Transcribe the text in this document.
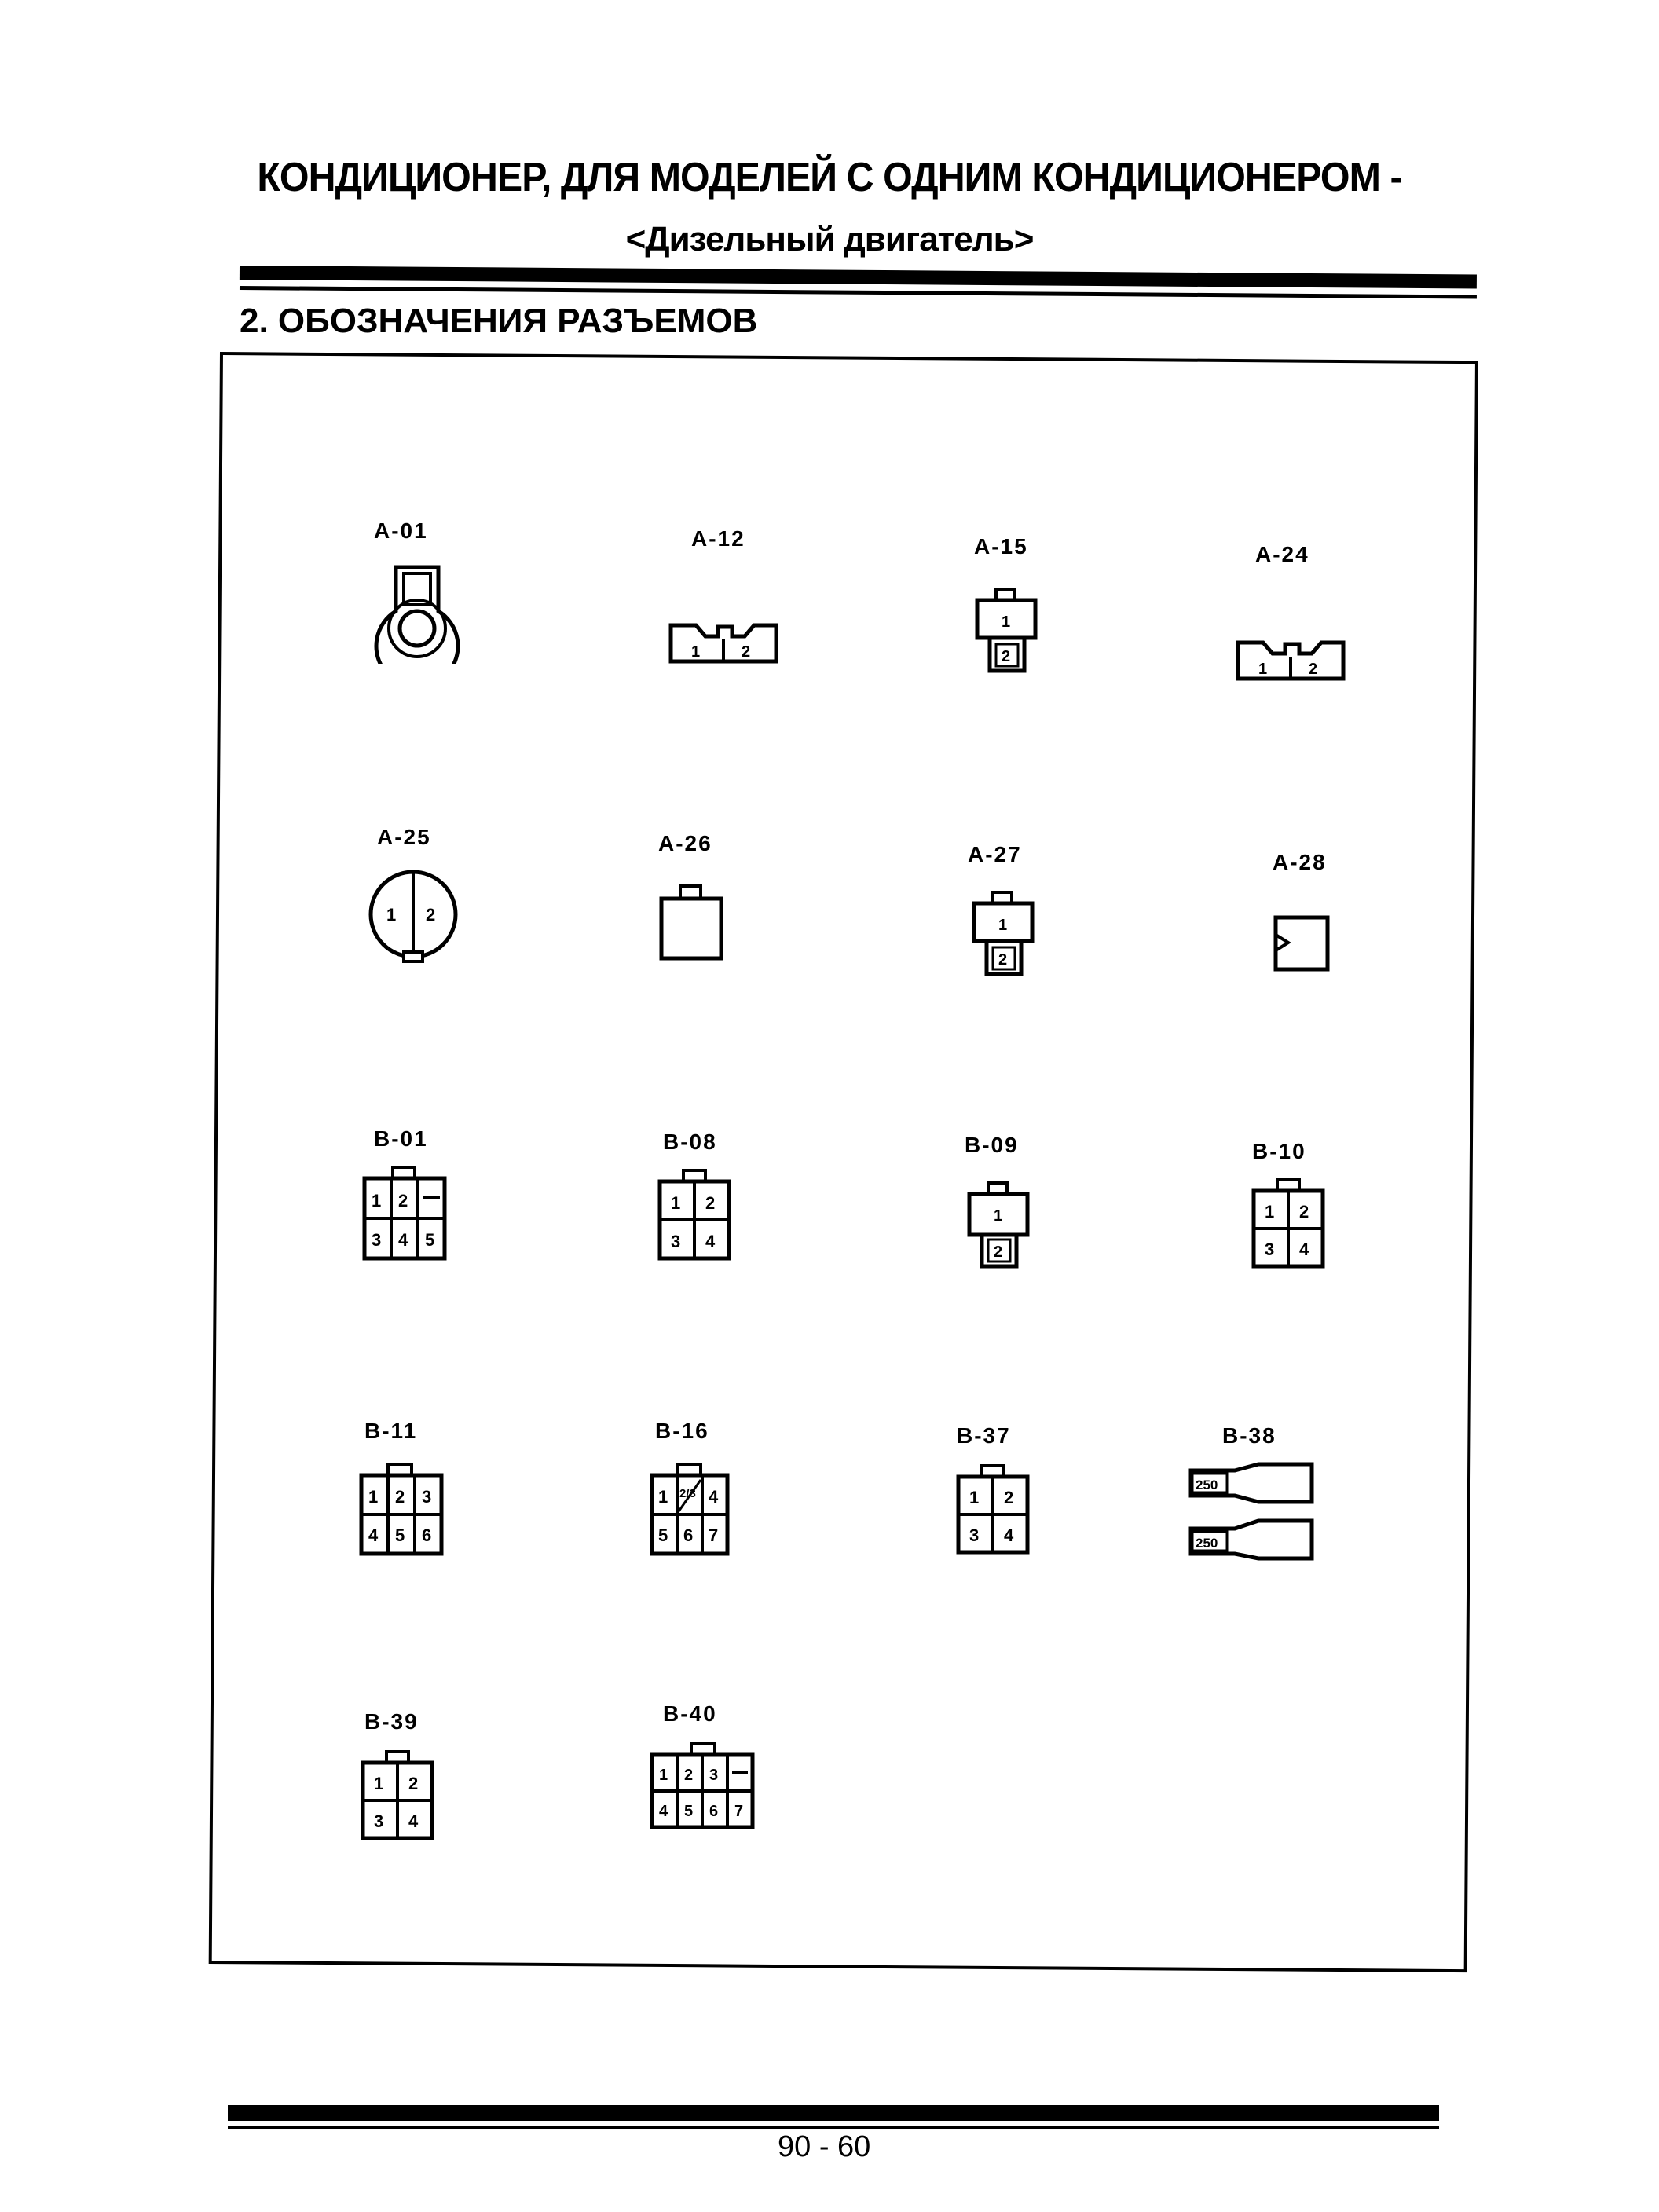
КОНДИЦИОНЕР, ДЛЯ МОДЕЛЕЙ С ОДНИМ КОНДИЦИОНЕРОМ -
<Дизельный двигатель>
2. ОБОЗНАЧЕНИЯ РАЗЪЕМОВ
A-01	A-12
1	2
A-15
1
2
A-24
1	2
A-25
1 2
A-26	A-27
1
2
A-28
B-01
1 2
3 4 5
B-08
1 2
3 4
B-09
1
2
B-10
1 2
3 4
B-11
1 2 3
4 5 6
B-16
1 2/3 4
5 6 7
B-37
1 2
3 4
B-38
250
250
B-39
1 2
3 4
B-40
1 2 3
4 5 6 7
90 - 60
